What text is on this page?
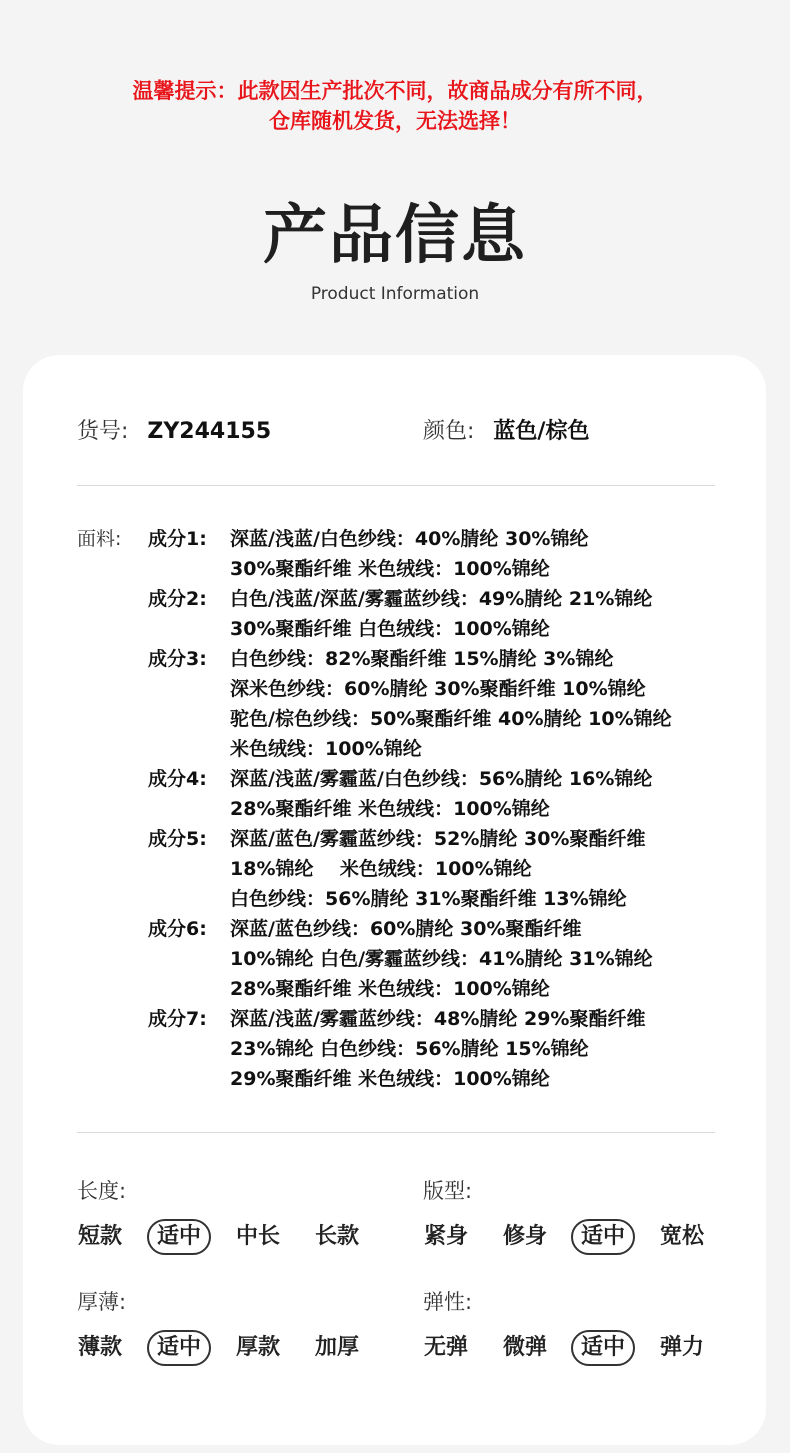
温馨提示：此款因生产批次不同，故商品成分有所不同，
仓库随机发货，无法选择！
产品信息
Product Information
货号: ZY244155	颜色: 蓝色/棕色
面料: 成分1: 深蓝/浅蓝/白色纱线：40%腈纶 30%锦纶
30%聚酯纤维 米色绒线：100%锦纶
成分2: 白色/浅蓝/深蓝/雾霾蓝纱线：49%腈纶 21%锦纶
30%聚酯纤维 白色绒线：100%锦纶
成分3: 白色纱线：82%聚酯纤维 15%腈纶 3%锦纶
深米色纱线：60%腈纶 30%聚酯纤维 10%锦纶
驼色/棕色纱线：50%聚酯纤维 40%腈纶 10%锦纶
米色绒线：100%锦纶
成分4: 深蓝/浅蓝/雾霾蓝/白色纱线：56%腈纶 16%锦纶
28%聚酯纤维 米色绒线：100%锦纶
成分5: 深蓝/蓝色/雾霾蓝纱线：52%腈纶 30%聚酯纤维
18%锦纶    米色绒线：100%锦纶
白色纱线：56%腈纶 31%聚酯纤维 13%锦纶
成分6: 深蓝/蓝色纱线：60%腈纶 30%聚酯纤维
10%锦纶 白色/雾霾蓝纱线：41%腈纶 31%锦纶
28%聚酯纤维 米色绒线：100%锦纶
成分7: 深蓝/浅蓝/雾霾蓝纱线：48%腈纶 29%聚酯纤维
23%锦纶 白色纱线：56%腈纶 15%锦纶
29%聚酯纤维 米色绒线：100%锦纶
长度:
短款	适中	中长 长款
版型:
紧身 修身	适中	宽松
厚薄:
薄款	适中	厚款 加厚
弹性:
无弹 微弹	适中	弹力
